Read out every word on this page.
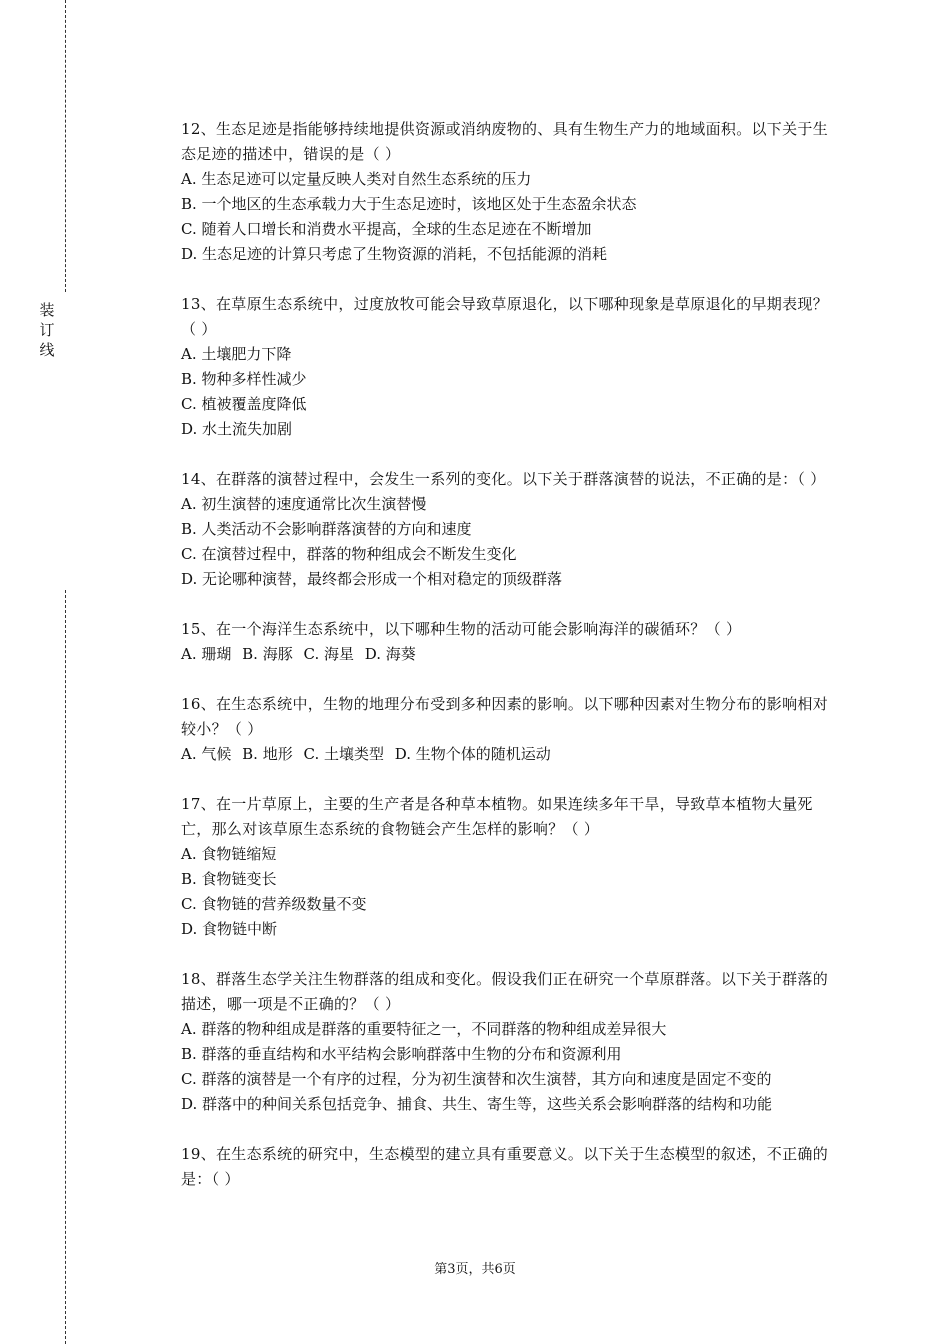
装订线

12、生态足迹是指能够持续地提供资源或消纳废物的、具有生物生产力的地域面积。以下关于生态足迹的描述中，错误的是（ ）

A. 生态足迹可以定量反映人类对自然生态系统的压力

B. 一个地区的生态承载力大于生态足迹时，该地区处于生态盈余状态

C. 随着人口增长和消费水平提高，全球的生态足迹在不断增加

D. 生态足迹的计算只考虑了生物资源的消耗，不包括能源的消耗

13、在草原生态系统中，过度放牧可能会导致草原退化，以下哪种现象是草原退化的早期表现？（ ）

A. 土壤肥力下降

B. 物种多样性减少

C. 植被覆盖度降低

D. 水土流失加剧

14、在群落的演替过程中，会发生一系列的变化。以下关于群落演替的说法，不正确的是：（ ）

A. 初生演替的速度通常比次生演替慢

B. 人类活动不会影响群落演替的方向和速度

C. 在演替过程中，群落的物种组成会不断发生变化

D. 无论哪种演替，最终都会形成一个相对稳定的顶级群落

15、在一个海洋生态系统中，以下哪种生物的活动可能会影响海洋的碳循环？（ ）

A. 珊瑚 B. 海豚 C. 海星 D. 海葵

16、在生态系统中，生物的地理分布受到多种因素的影响。以下哪种因素对生物分布的影响相对较小？（ ）

A. 气候 B. 地形 C. 土壤类型 D. 生物个体的随机运动

17、在一片草原上，主要的生产者是各种草本植物。如果连续多年干旱，导致草本植物大量死亡，那么对该草原生态系统的食物链会产生怎样的影响？（ ）

A. 食物链缩短

B. 食物链变长

C. 食物链的营养级数量不变

D. 食物链中断

18、群落生态学关注生物群落的组成和变化。假设我们正在研究一个草原群落。以下关于群落的描述，哪一项是不正确的？（ ）

A. 群落的物种组成是群落的重要特征之一，不同群落的物种组成差异很大

B. 群落的垂直结构和水平结构会影响群落中生物的分布和资源利用

C. 群落的演替是一个有序的过程，分为初生演替和次生演替，其方向和速度是固定不变的

D. 群落中的种间关系包括竞争、捕食、共生、寄生等，这些关系会影响群落的结构和功能

19、在生态系统的研究中，生态模型的建立具有重要意义。以下关于生态模型的叙述，不正确的是：（ ）

第3页，共6页
